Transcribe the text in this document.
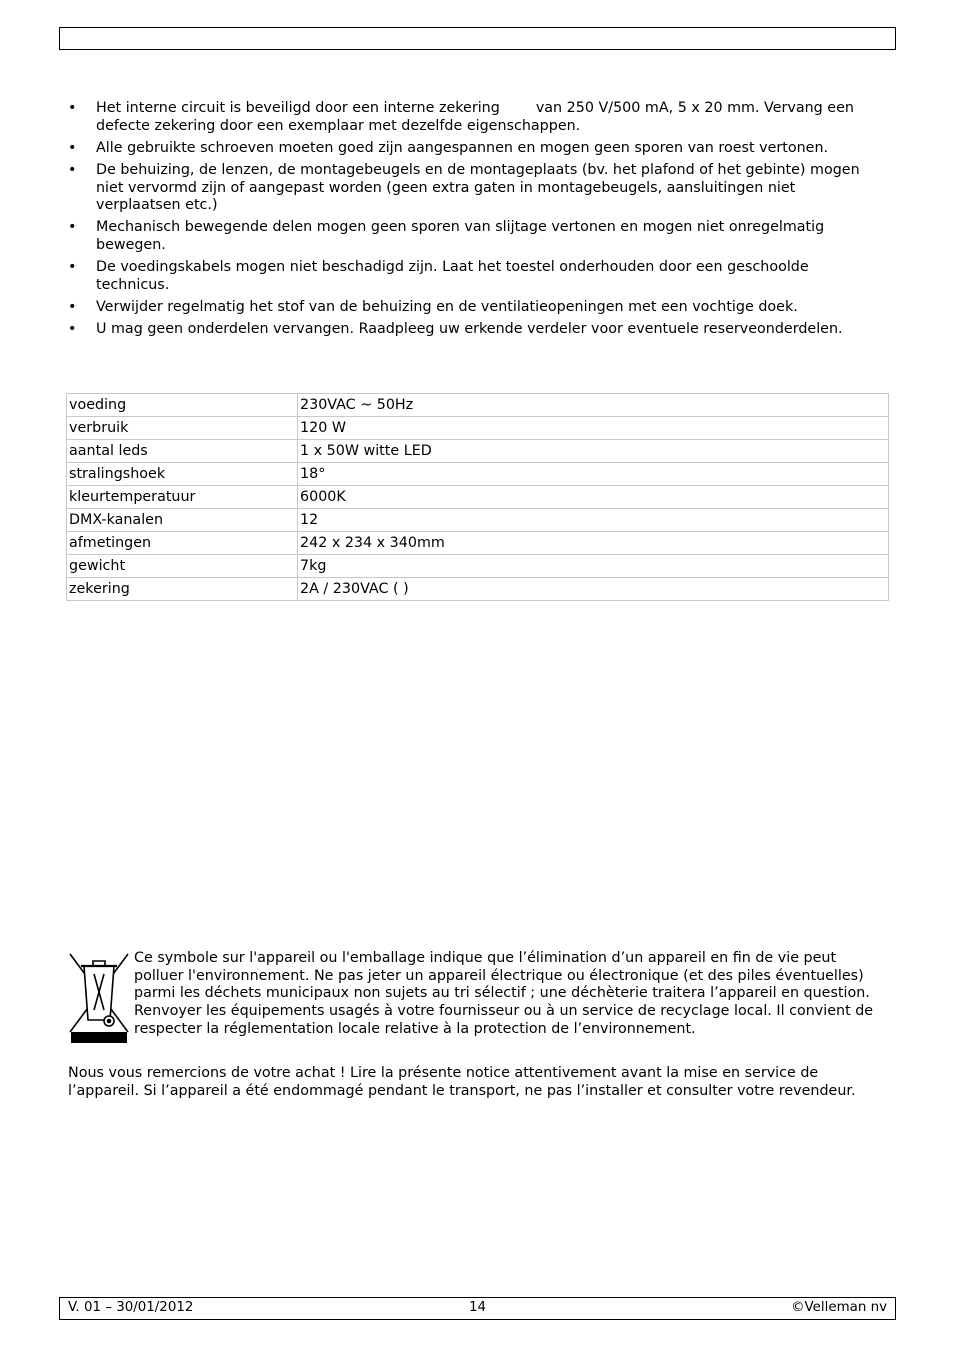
• Het interne circuit is beveiligd door een interne zekering	van 250 V/500 mA, 5 x 20 mm. Vervang een defecte zekering door een exemplaar met dezelfde eigenschappen.
• Alle gebruikte schroeven moeten goed zijn aangespannen en mogen geen sporen van roest vertonen.
• De behuizing, de lenzen, de montagebeugels en de montageplaats (bv. het plafond of het gebinte) mogen niet vervormd zijn of aangepast worden (geen extra gaten in montagebeugels, aansluitingen niet verplaatsen etc.)
• Mechanisch bewegende delen mogen geen sporen van slijtage vertonen en mogen niet onregelmatig bewegen.
• De voedingskabels mogen niet beschadigd zijn. Laat het toestel onderhouden door een geschoolde technicus.
• Verwijder regelmatig het stof van de behuizing en de ventilatieopeningen met een vochtige doek.
• U mag geen onderdelen vervangen. Raadpleeg uw erkende verdeler voor eventuele reserveonderdelen.
voeding	230VAC ~ 50Hz
verbruik	120 W
aantal leds	1 x 50W witte LED
stralingshoek	18°
kleurtemperatuur	6000K
DMX-kanalen	12
afmetingen	242 x 234 x 340mm
gewicht	7kg
zekering	2A / 230VAC ( )

Ce symbole sur l'appareil ou l'emballage indique que l’élimination d’un appareil en fin de vie peut polluer l'environnement. Ne pas jeter un appareil électrique ou électronique (et des piles éventuelles) parmi les déchets municipaux non sujets au tri sélectif ; une déchèterie traitera l’appareil en question. Renvoyer les équipements usagés à votre fournisseur ou à un service de recyclage local. Il convient de respecter la réglementation locale relative à la protection de l’environnement.

Nous vous remercions de votre achat ! Lire la présente notice attentivement avant la mise en service de l’appareil. Si l’appareil a été endommagé pendant le transport, ne pas l’installer et consulter votre revendeur.

V. 01 – 30/01/2012	14	©Velleman nv
